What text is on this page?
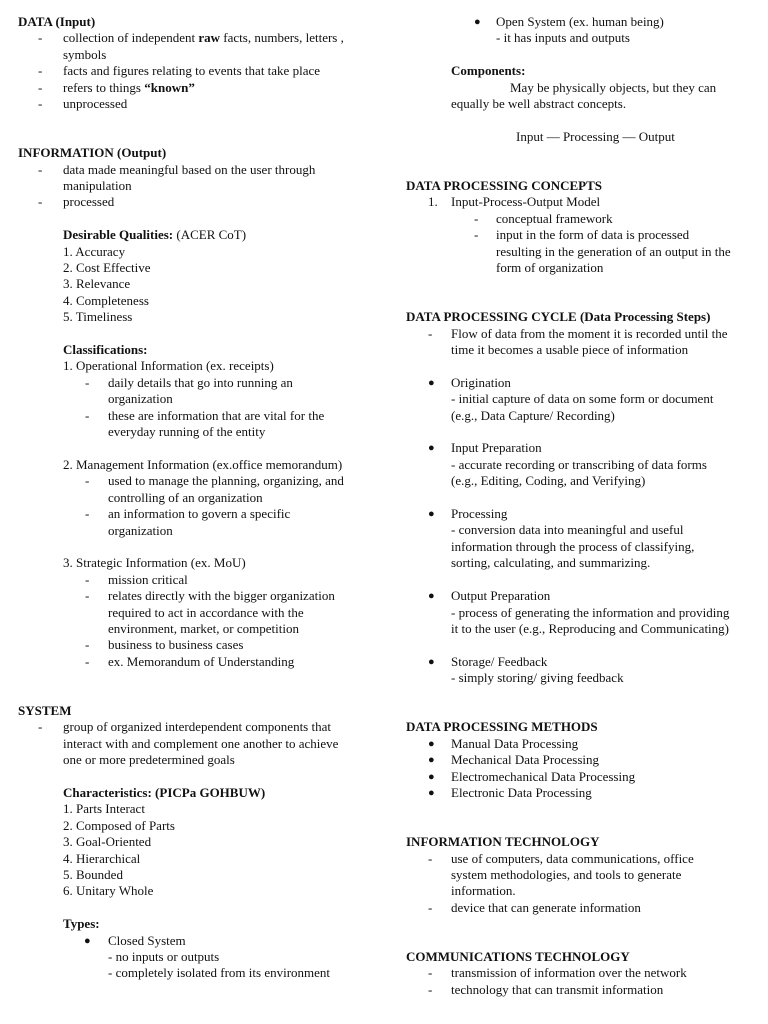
DATA (Input)
- collection of independent raw facts, numbers, letters ,
symbols
- facts and figures relating to events that take place
- refers to things “known”
- unprocessed
INFORMATION (Output)
- data made meaningful based on the user through
manipulation
- processed
Desirable Qualities: (ACER CoT)
1. Accuracy
2. Cost Effective
3. Relevance
4. Completeness
5. Timeliness
Classifications:
1. Operational Information (ex. receipts)
- daily details that go into running an
organization
- these are information that are vital for the
everyday running of the entity
2. Management Information (ex.office memorandum)
- used to manage the planning, organizing, and
controlling of an organization
- an information to govern a specific
organization
3. Strategic Information (ex. MoU)
- mission critical
- relates directly with the bigger organization
required to act in accordance with the
environment, market, or competition
- business to business cases
- ex. Memorandum of Understanding
SYSTEM
- group of organized interdependent components that
interact with and complement one another to achieve
one or more predetermined goals
Characteristics: (PICPa GOHBUW)
1. Parts Interact
2. Composed of Parts
3. Goal-Oriented
4. Hierarchical
5. Bounded
6. Unitary Whole
Types:
● Closed System
- no inputs or outputs
- completely isolated from its environment
● Open System (ex. human being)
- it has inputs and outputs
Components:
May be physically objects, but they can
equally be well abstract concepts.
Input — Processing — Output
DATA PROCESSING CONCEPTS
1. Input-Process-Output Model
- conceptual framework
- input in the form of data is processed
resulting in the generation of an output in the
form of organization
DATA PROCESSING CYCLE (Data Processing Steps)
- Flow of data from the moment it is recorded until the
time it becomes a usable piece of information
● Origination
- initial capture of data on some form or document
(e.g., Data Capture/ Recording)
● Input Preparation
- accurate recording or transcribing of data forms
(e.g., Editing, Coding, and Verifying)
● Processing
- conversion data into meaningful and useful
information through the process of classifying,
sorting, calculating, and summarizing.
● Output Preparation
- process of generating the information and providing
it to the user (e.g., Reproducing and Communicating)
● Storage/ Feedback
- simply storing/ giving feedback
DATA PROCESSING METHODS
● Manual Data Processing
● Mechanical Data Processing
● Electromechanical Data Processing
● Electronic Data Processing
INFORMATION TECHNOLOGY
- use of computers, data communications, office
system methodologies, and tools to generate
information.
- device that can generate information
COMMUNICATIONS TECHNOLOGY
- transmission of information over the network
- technology that can transmit information
